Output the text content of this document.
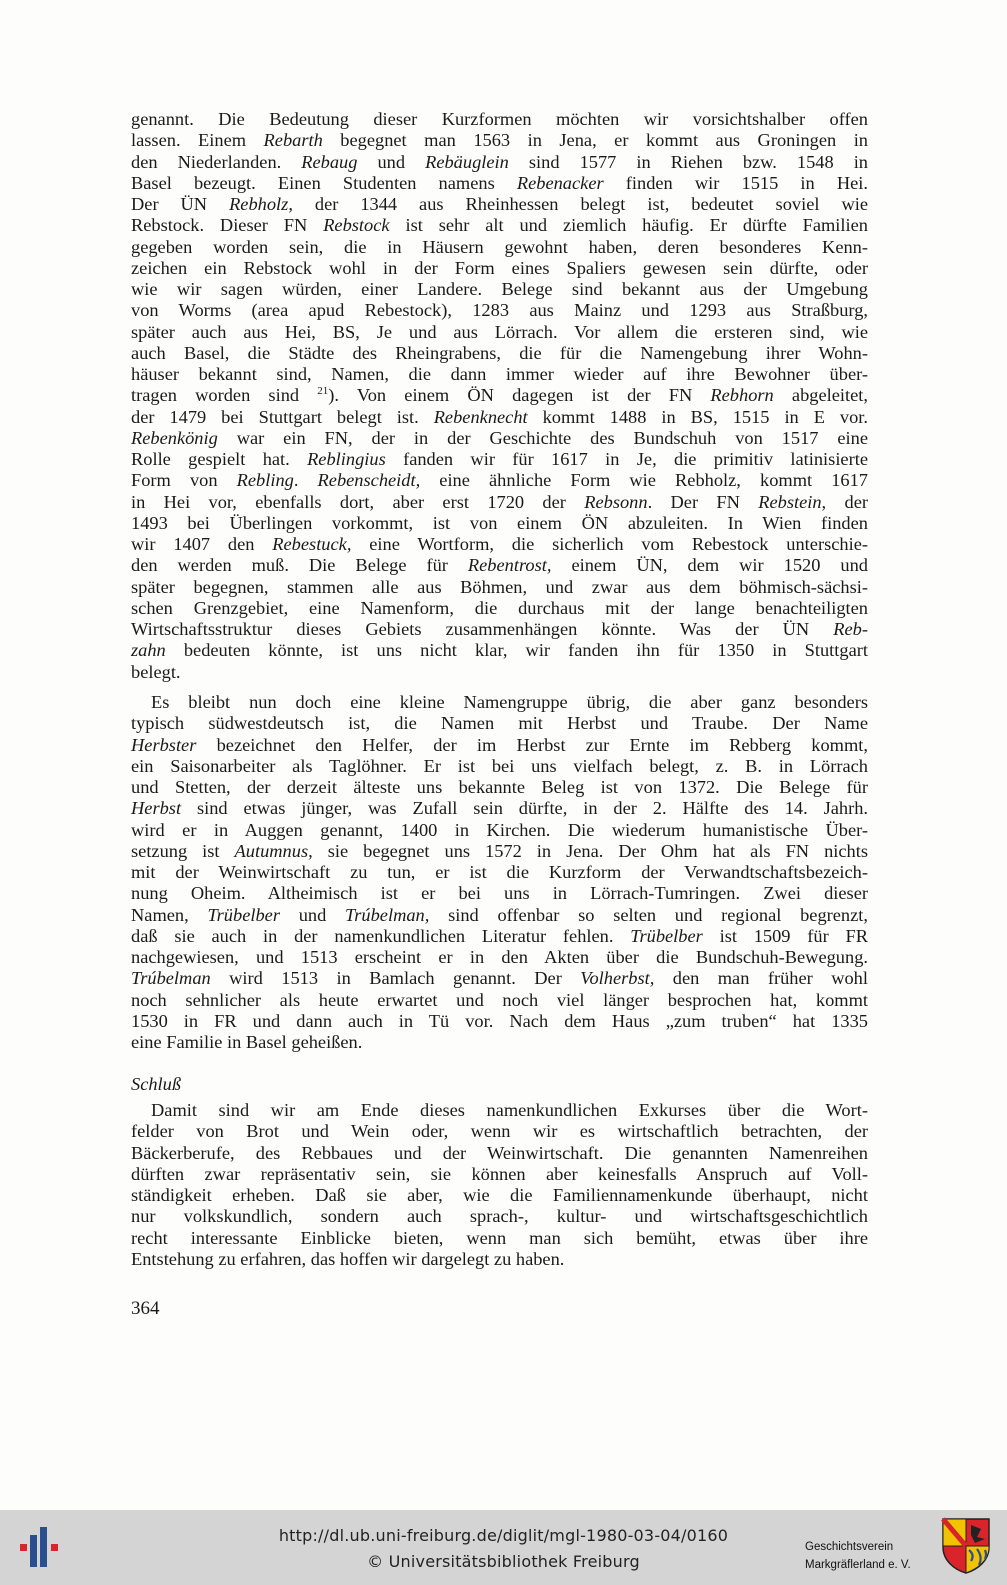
genannt. Die Bedeutung dieser Kurzformen möchten wir vorsichtshalber offen
lassen. Einem Rebarth begegnet man 1563 in Jena, er kommt aus Groningen in
den Niederlanden. Rebaug und Rebäuglein sind 1577 in Riehen bzw. 1548 in
Basel bezeugt. Einen Studenten namens Rebenacker finden wir 1515 in Hei.
Der ÜN Rebholz, der 1344 aus Rheinhessen belegt ist, bedeutet soviel wie
Rebstock. Dieser FN Rebstock ist sehr alt und ziemlich häufig. Er dürfte Familien
gegeben worden sein, die in Häusern gewohnt haben, deren besonderes Kenn-
zeichen ein Rebstock wohl in der Form eines Spaliers gewesen sein dürfte, oder
wie wir sagen würden, einer Landere. Belege sind bekannt aus der Umgebung
von Worms (area apud Rebestock), 1283 aus Mainz und 1293 aus Straßburg,
später auch aus Hei, BS, Je und aus Lörrach. Vor allem die ersteren sind, wie
auch Basel, die Städte des Rheingrabens, die für die Namengebung ihrer Wohn-
häuser bekannt sind, Namen, die dann immer wieder auf ihre Bewohner über-
tragen worden sind $^{21}$). Von einem ÖN dagegen ist der FN Rebhorn abgeleitet,
der 1479 bei Stuttgart belegt ist. Rebenknecht kommt 1488 in BS, 1515 in E vor.
Rebenkönig war ein FN, der in der Geschichte des Bundschuh von 1517 eine
Rolle gespielt hat. Reblingius fanden wir für 1617 in Je, die primitiv latinisierte
Form von Rebling. Rebenscheidt, eine ähnliche Form wie Rebholz, kommt 1617
in Hei vor, ebenfalls dort, aber erst 1720 der Rebsonn. Der FN Rebstein, der
1493 bei Überlingen vorkommt, ist von einem ÖN abzuleiten. In Wien finden
wir 1407 den Rebestuck, eine Wortform, die sicherlich vom Rebestock unterschie-
den werden muß. Die Belege für Rebentrost, einem ÜN, dem wir 1520 und
später begegnen, stammen alle aus Böhmen, und zwar aus dem böhmisch-sächsi-
schen Grenzgebiet, eine Namenform, die durchaus mit der lange benachteiligten
Wirtschaftsstruktur dieses Gebiets zusammenhängen könnte. Was der ÜN Reb-
zahn bedeuten könnte, ist uns nicht klar, wir fanden ihn für 1350 in Stuttgart
belegt.
Es bleibt nun doch eine kleine Namengruppe übrig, die aber ganz besonders
typisch südwestdeutsch ist, die Namen mit Herbst und Traube. Der Name
Herbster bezeichnet den Helfer, der im Herbst zur Ernte im Rebberg kommt,
ein Saisonarbeiter als Taglöhner. Er ist bei uns vielfach belegt, z. B. in Lörrach
und Stetten, der derzeit älteste uns bekannte Beleg ist von 1372. Die Belege für
Herbst sind etwas jünger, was Zufall sein dürfte, in der 2. Hälfte des 14. Jahrh.
wird er in Auggen genannt, 1400 in Kirchen. Die wiederum humanistische Über-
setzung ist Autumnus, sie begegnet uns 1572 in Jena. Der Ohm hat als FN nichts
mit der Weinwirtschaft zu tun, er ist die Kurzform der Verwandtschaftsbezeich-
nung Oheim. Altheimisch ist er bei uns in Lörrach-Tumringen. Zwei dieser
Namen, Trübelber und Trúbelman, sind offenbar so selten und regional begrenzt,
daß sie auch in der namenkundlichen Literatur fehlen. Trübelber ist 1509 für FR
nachgewiesen, und 1513 erscheint er in den Akten über die Bundschuh-Bewegung.
Trúbelman wird 1513 in Bamlach genannt. Der Volherbst, den man früher wohl
noch sehnlicher als heute erwartet und noch viel länger besprochen hat, kommt
1530 in FR und dann auch in Tü vor. Nach dem Haus „zum truben“ hat 1335
eine Familie in Basel geheißen.
Schluß
Damit sind wir am Ende dieses namenkundlichen Exkurses über die Wort-
felder von Brot und Wein oder, wenn wir es wirtschaftlich betrachten, der
Bäckerberufe, des Rebbaues und der Weinwirtschaft. Die genannten Namenreihen
dürften zwar repräsentativ sein, sie können aber keinesfalls Anspruch auf Voll-
ständigkeit erheben. Daß sie aber, wie die Familiennamenkunde überhaupt, nicht
nur volkskundlich, sondern auch sprach-, kultur- und wirtschaftsgeschichtlich
recht interessante Einblicke bieten, wenn man sich bemüht, etwas über ihre
Entstehung zu erfahren, das hoffen wir dargelegt zu haben.
364
http://dl.ub.uni-freiburg.de/diglit/mgl-1980-03-04/0160
© Universitätsbibliothek Freiburg
Geschichtsverein
Markgräflerland e. V.
